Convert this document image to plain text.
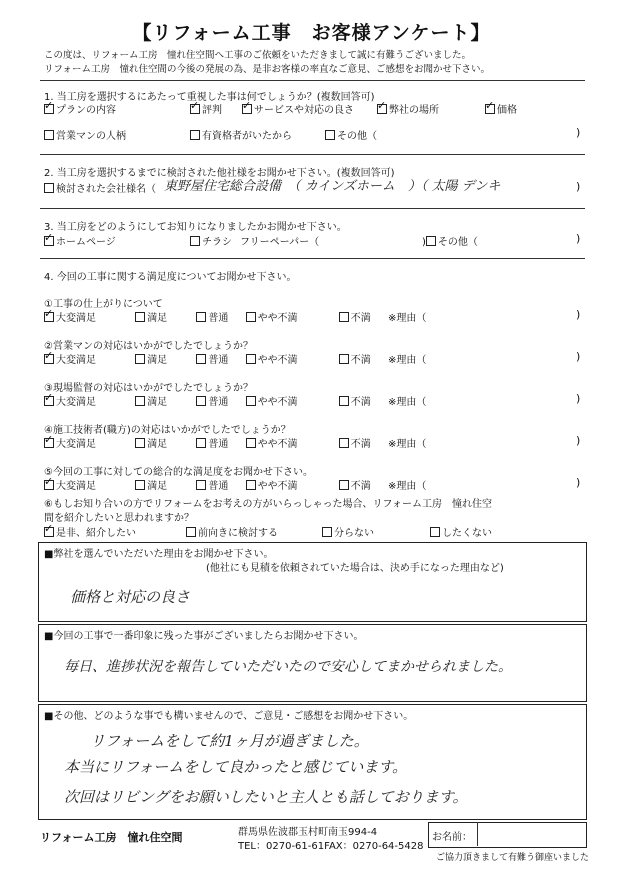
【リフォーム工事　お客様アンケート】
この度は、リフォーム工房　憧れ住空間へ工事のご依頼をいただきまして誠に有難うございました。
リフォーム工房　憧れ住空間の今後の発展の為、是非お客様の率直なご意見、ご感想をお聞かせ下さい。
1. 当工房を選択するにあたって重視した事は何でしょうか？(複数回答可)
✓プランの内容 ✓	評判 ✓	サービスや対応の良さ ✓	弊社の場所 ✓	価格
営業マンの人柄	有資格者がいたから	その他（	)
2. 当工房を選択するまでに検討された他社様をお聞かせ下さい。(複数回答可)
検討された会社様名（ 東野屋住宅総合設備　（ カインズホーム　）（ 太陽 デンキ	)
3. 当工房をどのようにしてお知りになりましたかお聞かせ下さい。
✓ホームページ	チラシ フリーペーパー（	) その他（	)
4. 今回の工事に関する満足度についてお聞かせ下さい。
①工事の仕上がりについて
✓大変満足	満足	普通	やや不満	不満 ※理由（	)
②営業マンの対応はいかがでしたでしょうか？
✓大変満足	満足	普通	やや不満	不満 ※理由（	)
③現場監督の対応はいかがでしたでしょうか？
✓大変満足	満足	普通	やや不満	不満 ※理由（	)
④施工技術者(職方)の対応はいかがでしたでしょうか？
✓大変満足	満足	普通	やや不満	不満 ※理由（	)
⑤今回の工事に対しての総合的な満足度をお聞かせ下さい。
✓大変満足	満足	普通	やや不満	不満 ※理由（	)
⑥もしお知り合いの方でリフォームをお考えの方がいらっしゃった場合、リフォーム工房　憧れ住空
間を紹介したいと思われますか？
✓是非、紹介したい	前向きに検討する	分らない	したくない
■弊社を選んでいただいた理由をお聞かせ下さい。
(他社にも見積を依頼されていた場合は、決め手になった理由など)
価格と対応の良さ
■今回の工事で一番印象に残った事がございましたらお聞かせ下さい。
毎日、進捗状況を報告していただいたので安心してまかせられました。
■その他、どのような事でも構いませんので、ご意見・ご感想をお聞かせ下さい。
リフォームをして約1ヶ月が過ぎました。
本当にリフォームをして良かったと感じています。
次回はリビングをお願いしたいと主人とも話しております。
リフォーム工房　憧れ住空間	群馬県佐波郡玉村町南玉994-4
TEL：0270-61-61FAX：0270-64-5428
お名前：
ご協力頂きまして有難う御座いました
